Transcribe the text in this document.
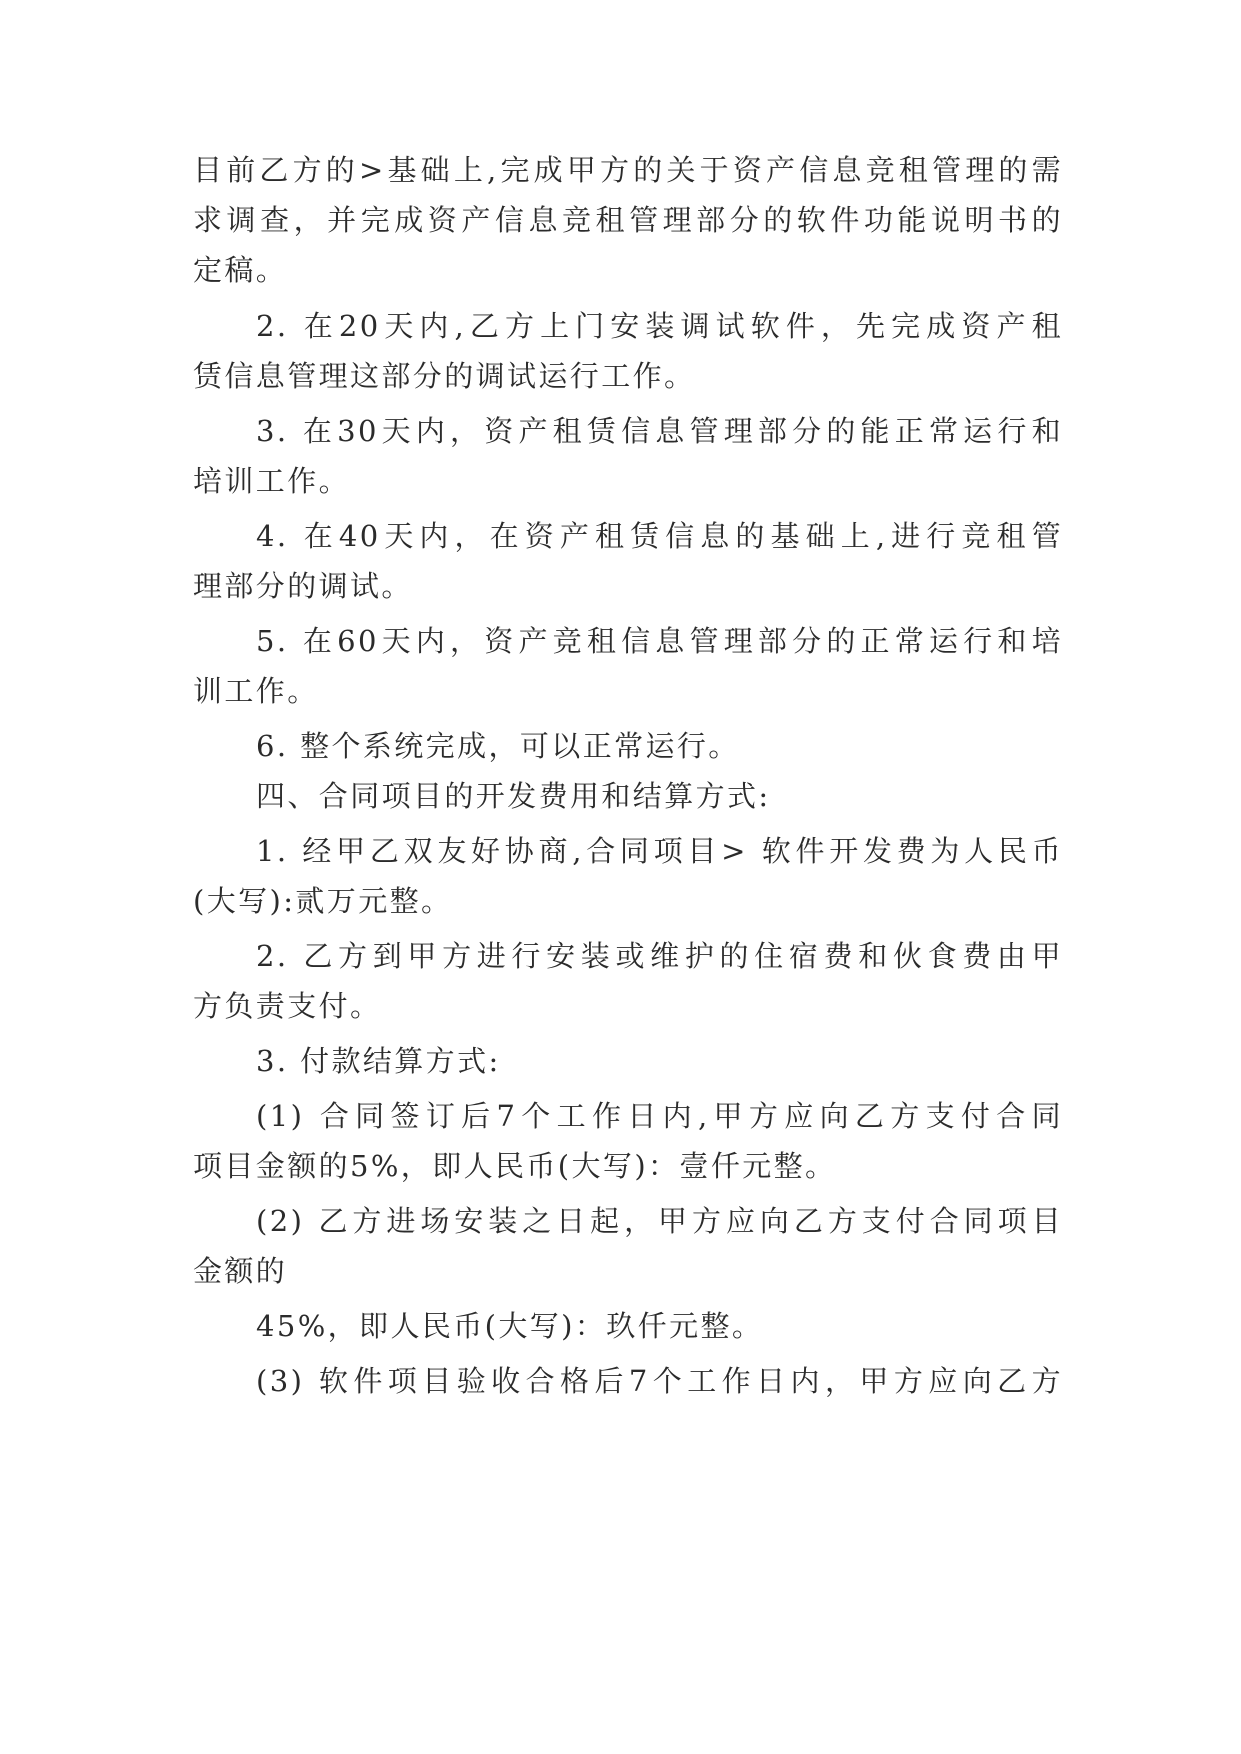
目前乙方的>基础上,完成甲方的关于资产信息竞租管理的需

求调查，并完成资产信息竞租管理部分的软件功能说明书的

定稿。

2. 在20天内,乙方上门安装调试软件，先完成资产租

赁信息管理这部分的调试运行工作。

3. 在30天内，资产租赁信息管理部分的能正常运行和

培训工作。

4. 在40天内，在资产租赁信息的基础上,进行竞租管

理部分的调试。

5. 在60天内，资产竞租信息管理部分的正常运行和培

训工作。

6. 整个系统完成，可以正常运行。

四、合同项目的开发费用和结算方式:

1. 经甲乙双友好协商,合同项目> 软件开发费为人民币

(大写):贰万元整。

2. 乙方到甲方进行安装或维护的住宿费和伙食费由甲

方负责支付。

3. 付款结算方式:

(1) 合同签订后7个工作日内,甲方应向乙方支付合同

项目金额的5%，即人民币(大写)：壹仟元整。

(2) 乙方进场安装之日起，甲方应向乙方支付合同项目

金额的

45%，即人民币(大写)：玖仟元整。

(3) 软件项目验收合格后7个工作日内，甲方应向乙方
